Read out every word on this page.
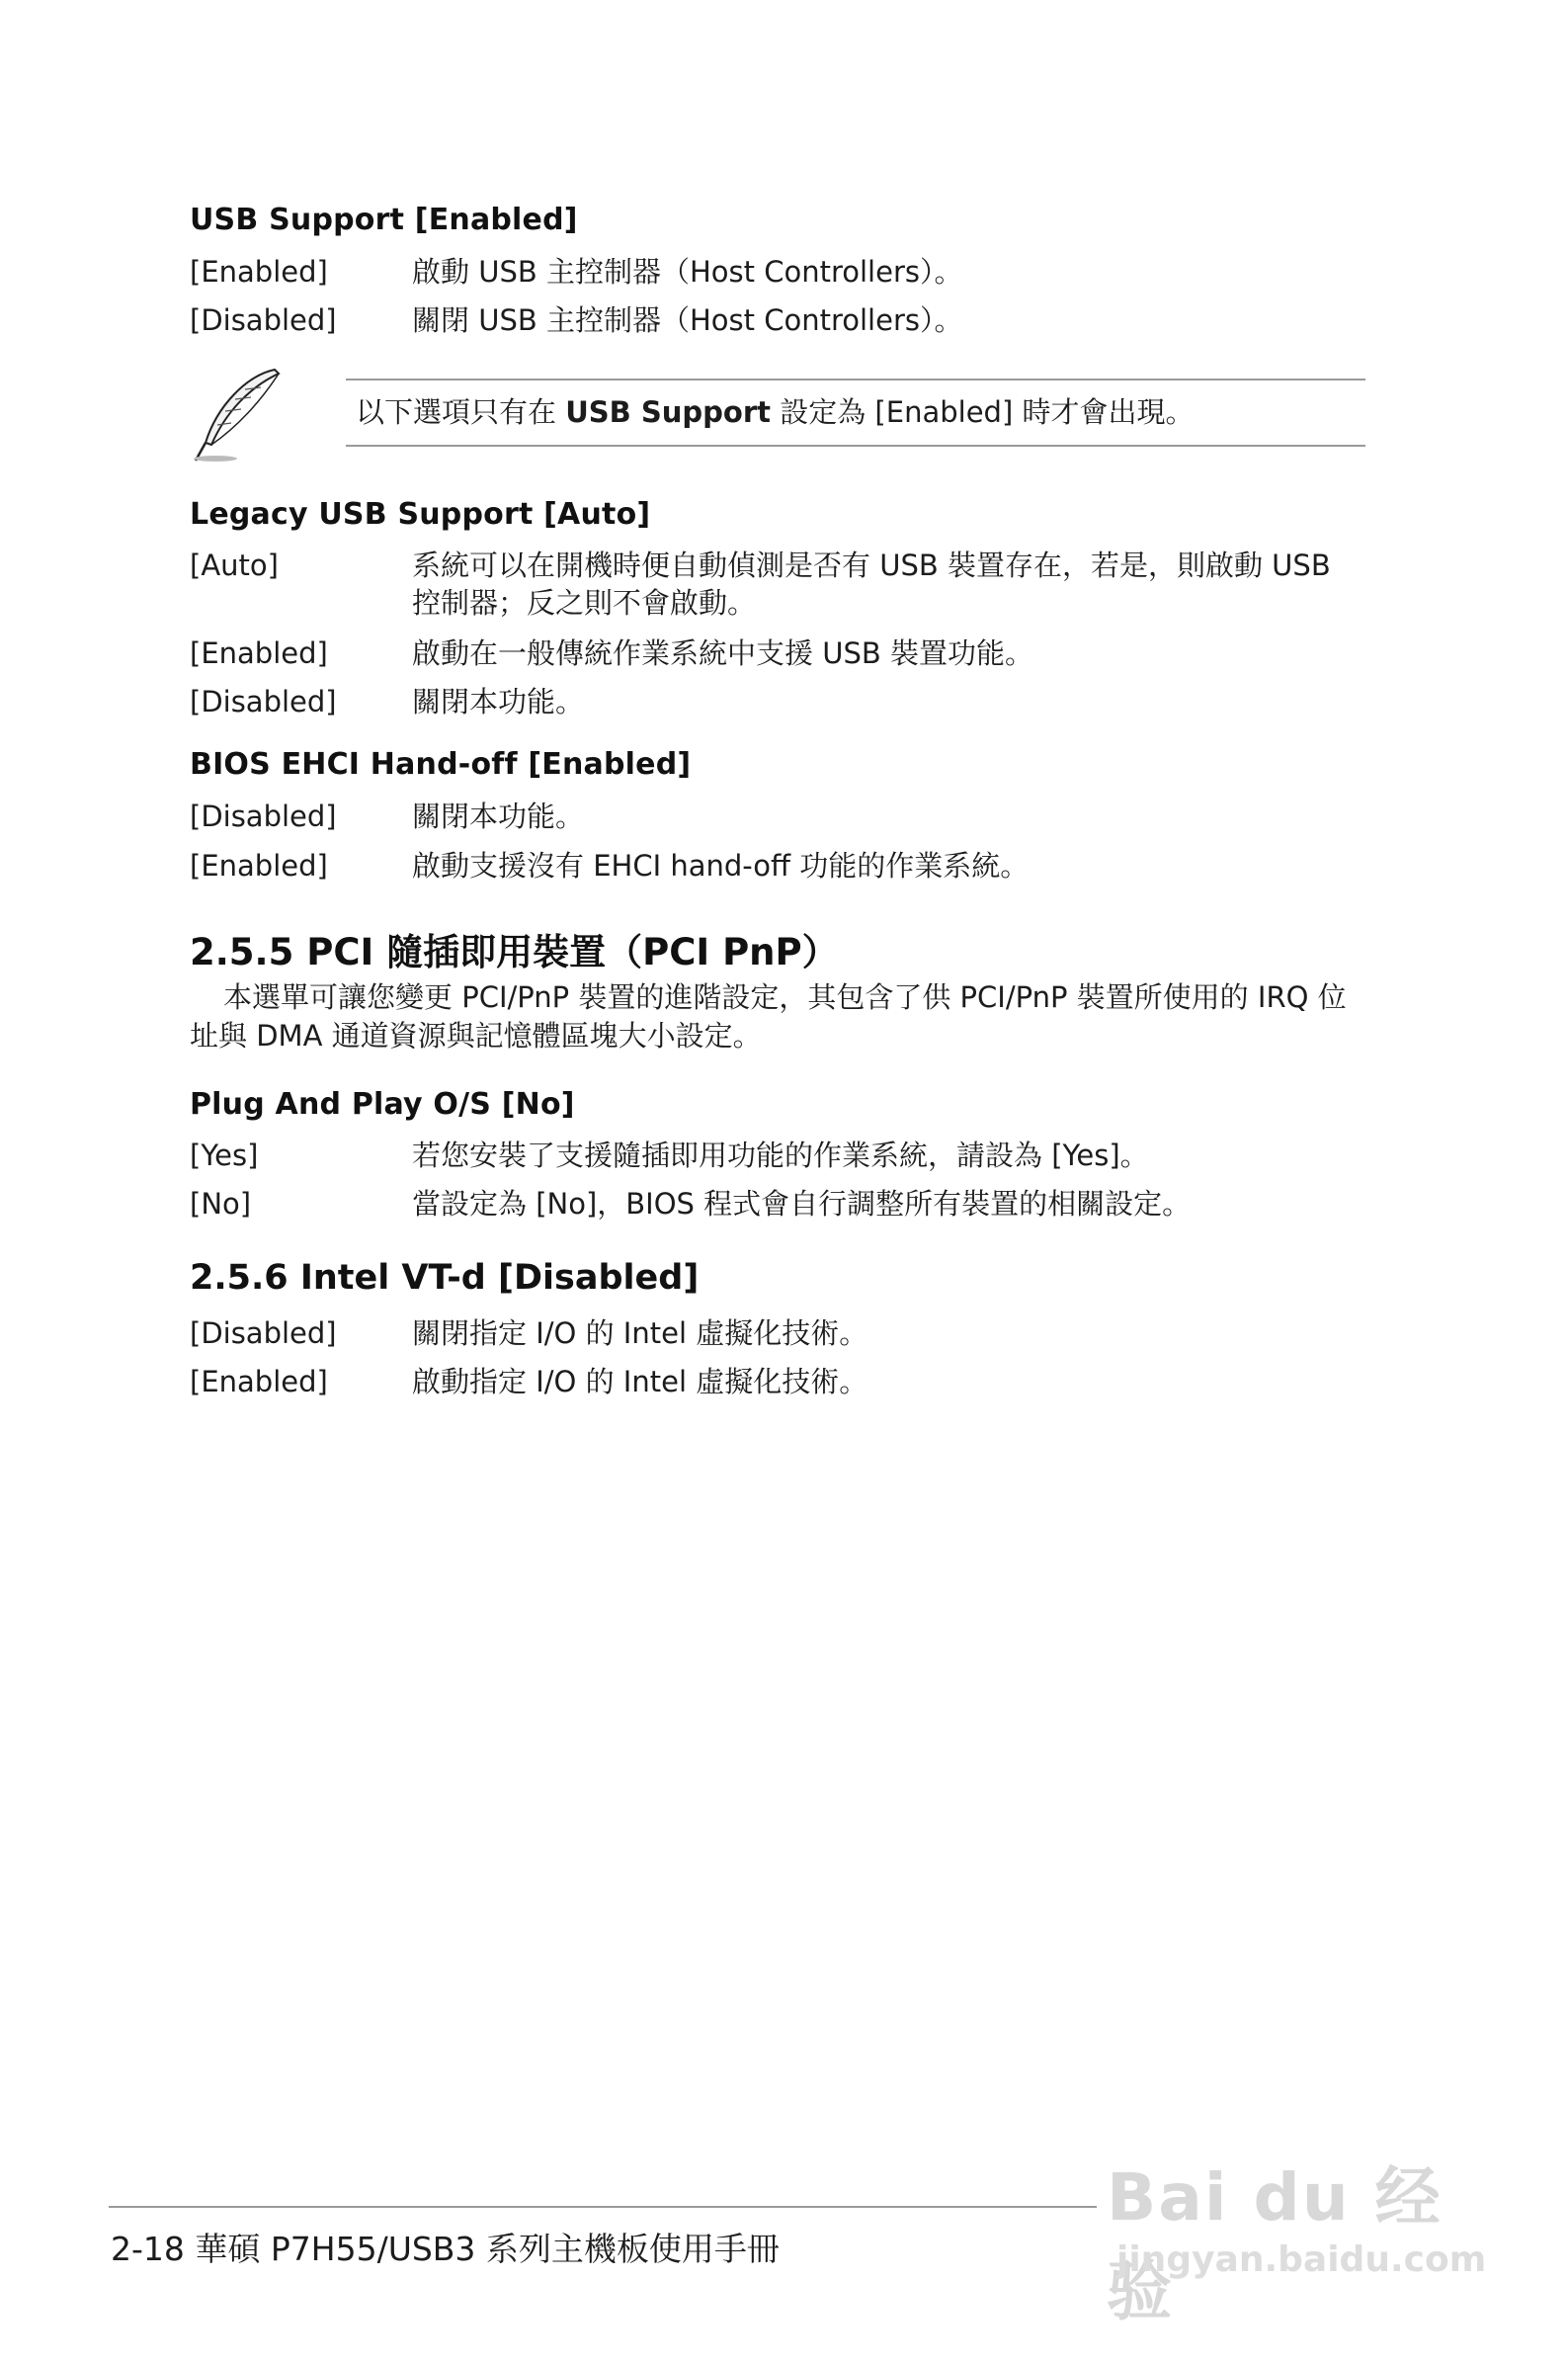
USB Support [Enabled]
[Enabled]	啟動 USB 主控制器（Host Controllers）。
[Disabled]	關閉 USB 主控制器（Host Controllers）。
以下選項只有在 USB Support 設定為 [Enabled] 時才會出現。
Legacy USB Support [Auto]
[Auto]	系統可以在開機時便自動偵測是否有 USB 裝置存在，若是，則啟動 USB 控制器；反之則不會啟動。
[Enabled]	啟動在一般傳統作業系統中支援 USB 裝置功能。
[Disabled]	關閉本功能。
BIOS EHCI Hand-off [Enabled]
[Disabled]	關閉本功能。
[Enabled]	啟動支援沒有 EHCI hand-off 功能的作業系統。
2.5.5 PCI 隨插即用裝置（PCI PnP）
本選單可讓您變更 PCI/PnP 裝置的進階設定，其包含了供 PCI/PnP 裝置所使用的 IRQ 位址與 DMA 通道資源與記憶體區塊大小設定。
Plug And Play O/S [No]
[Yes]	若您安裝了支援隨插即用功能的作業系統，請設為 [Yes]。
[No]	當設定為 [No]，BIOS 程式會自行調整所有裝置的相關設定。
2.5.6 Intel VT-d [Disabled]
[Disabled]	關閉指定 I/O 的 Intel 虛擬化技術。
[Enabled]	啟動指定 I/O 的 Intel 虛擬化技術。
2-18 華碩 P7H55/USB3 系列主機板使用手冊
Bai du 经验
jingyan.baidu.com
